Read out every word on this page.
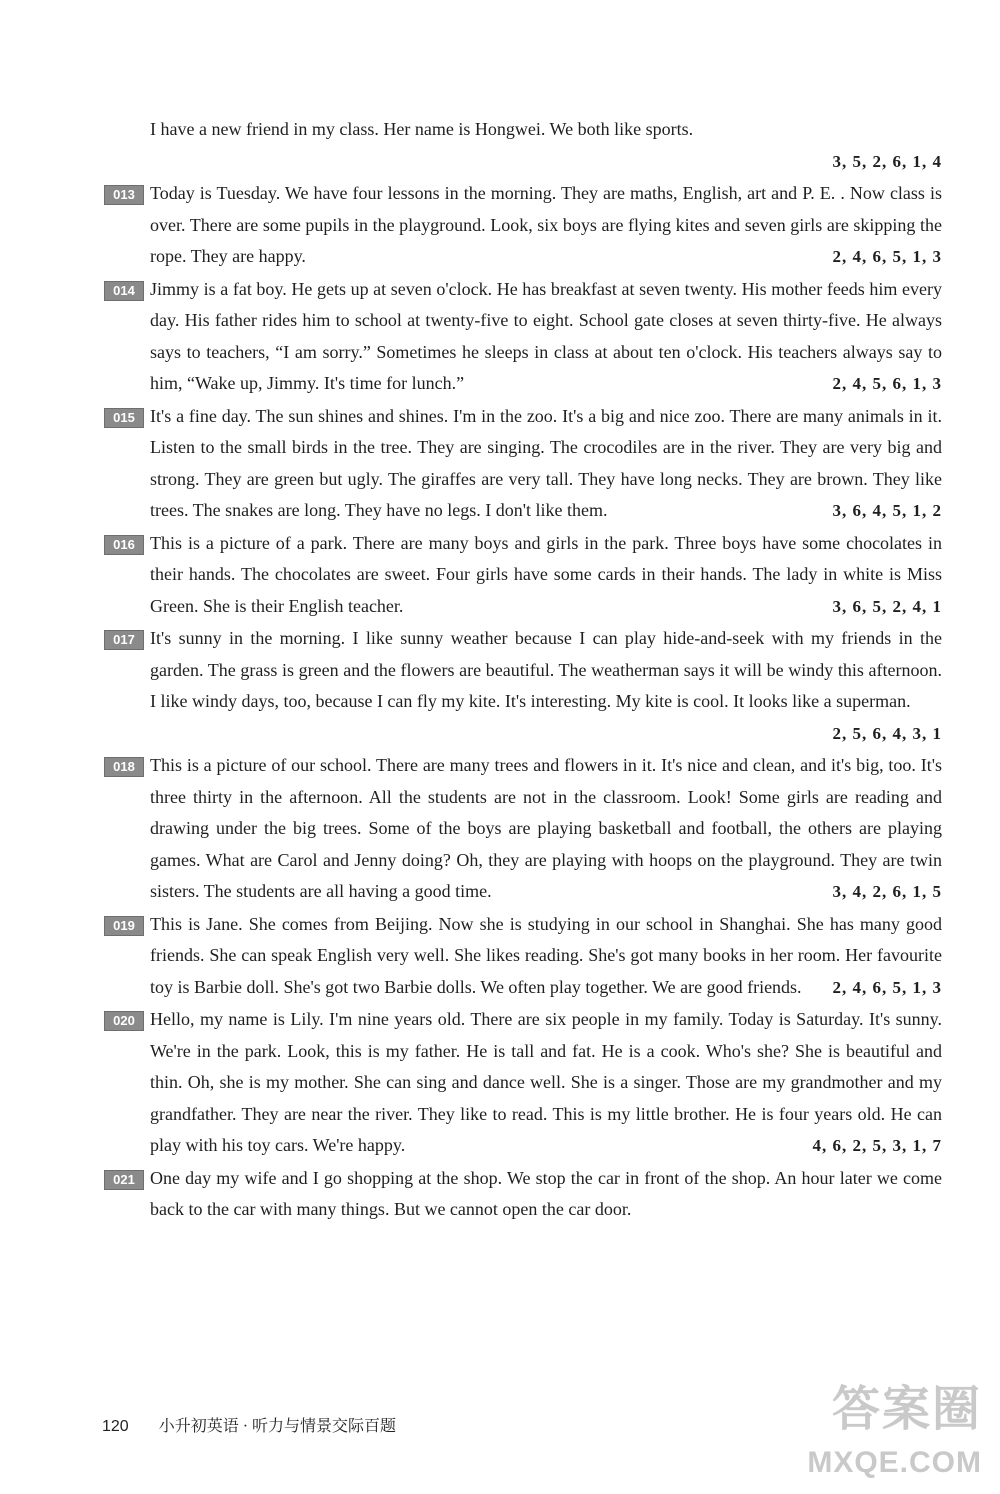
I have a new friend in my class. Her name is Hongwei. We both like sports.
3, 5, 2, 6, 1, 4
013 Today is Tuesday. We have four lessons in the morning. They are maths, English, art and P. E. . Now class is over. There are some pupils in the playground. Look, six boys are flying kites and seven girls are skipping the rope. They are happy.	2, 4, 6, 5, 1, 3
014 Jimmy is a fat boy. He gets up at seven o'clock. He has breakfast at seven twenty. His mother feeds him every day. His father rides him to school at twenty-five to eight. School gate closes at seven thirty-five. He always says to teachers, “I am sorry.” Sometimes he sleeps in class at about ten o'clock. His teachers always say to him, “Wake up, Jimmy. It's time for lunch.”	2, 4, 5, 6, 1, 3
015 It's a fine day. The sun shines and shines. I'm in the zoo. It's a big and nice zoo. There are many animals in it. Listen to the small birds in the tree. They are singing. The crocodiles are in the river. They are very big and strong. They are green but ugly. The giraffes are very tall. They have long necks. They are brown. They like trees. The snakes are long. They have no legs. I don't like them.	3, 6, 4, 5, 1, 2
016 This is a picture of a park. There are many boys and girls in the park. Three boys have some chocolates in their hands. The chocolates are sweet. Four girls have some cards in their hands. The lady in white is Miss Green. She is their English teacher.	3, 6, 5, 2, 4, 1
017 It's sunny in the morning. I like sunny weather because I can play hide-and-seek with my friends in the garden. The grass is green and the flowers are beautiful. The weatherman says it will be windy this afternoon. I like windy days, too, because I can fly my kite. It's interesting. My kite is cool. It looks like a superman.
2, 5, 6, 4, 3, 1
018 This is a picture of our school. There are many trees and flowers in it. It's nice and clean, and it's big, too. It's three thirty in the afternoon. All the students are not in the classroom. Look! Some girls are reading and drawing under the big trees. Some of the boys are playing basketball and football, the others are playing games. What are Carol and Jenny doing? Oh, they are playing with hoops on the playground. They are twin sisters. The students are all having a good time.	3, 4, 2, 6, 1, 5
019 This is Jane. She comes from Beijing. Now she is studying in our school in Shanghai. She has many good friends. She can speak English very well. She likes reading. She's got many books in her room. Her favourite toy is Barbie doll. She's got two Barbie dolls. We often play together. We are good friends. 2, 4, 6, 5, 1, 3
020 Hello, my name is Lily. I'm nine years old. There are six people in my family. Today is Saturday. It's sunny. We're in the park. Look, this is my father. He is tall and fat. He is a cook. Who's she? She is beautiful and thin. Oh, she is my mother. She can sing and dance well. She is a singer. Those are my grandmother and my grandfather. They are near the river. They like to read. This is my little brother. He is four years old. He can play with his toy cars. We're happy.	4, 6, 2, 5, 3, 1, 7
021 One day my wife and I go shopping at the shop. We stop the car in front of the shop. An hour later we come back to the car with many things. But we cannot open the car door.
120 小升初英语 · 听力与情景交际百题	答案圈
MXQE.COM
